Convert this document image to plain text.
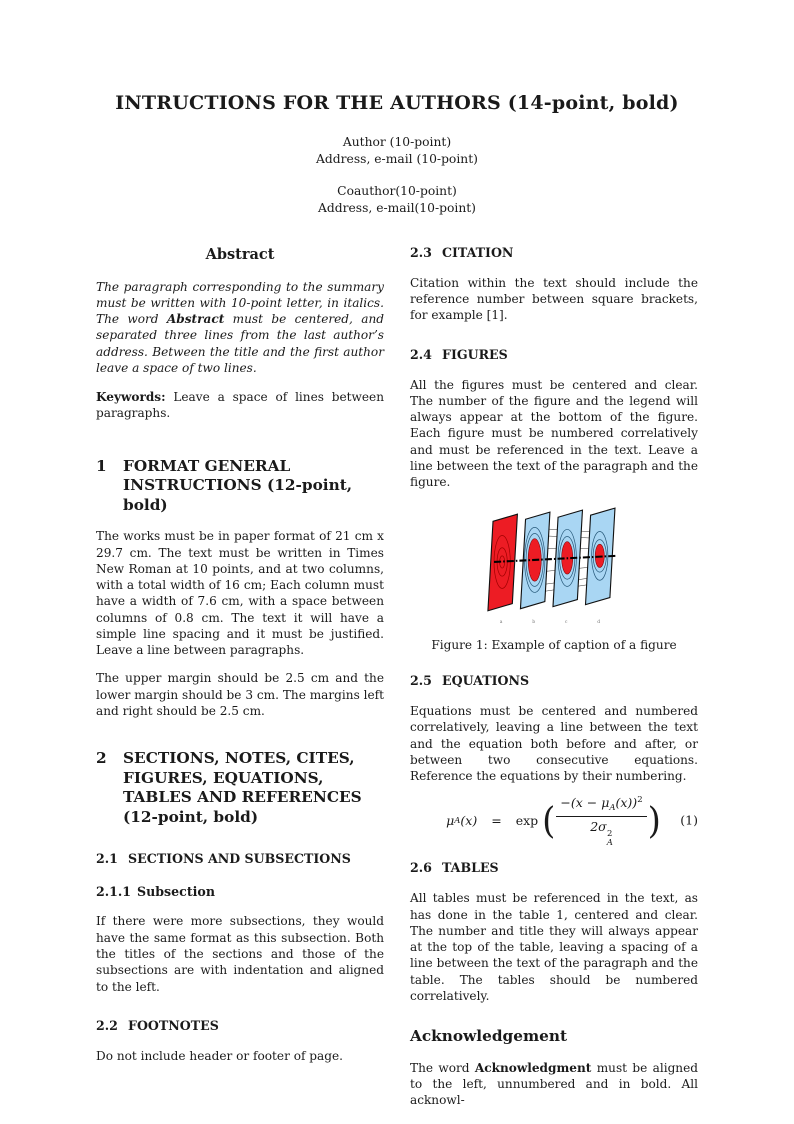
INTRUCTIONS FOR THE AUTHORS (14-point, bold)
Author (10-point)
Address, e-mail (10-point)
Coauthor(10-point)
Address, e-mail(10-point)
Abstract

The paragraph corresponding to the summary must be written with 10-point letter, in italics. The word Abstract must be centered, and separated three lines from the last author’s address. Between the title and the first author leave a space of two lines.

Keywords: Leave a space of lines between paragraphs.

1	FORMAT GENERAL INSTRUCTIONS (12-point, bold)

The works must be in paper format of 21 cm x 29.7 cm. The text must be written in Times New Roman at 10 points, and at two columns, with a total width of 16 cm; Each column must have a width of 7.6 cm, with a space between columns of 0.8 cm. The text it will have a simple line spacing and it must be justified. Leave a line between paragraphs.

The upper margin should be 2.5 cm and the lower margin should be 3 cm. The margins left and right should be 2.5 cm.

2	SECTIONS, NOTES, CITES, FIGURES, EQUATIONS, TABLES AND REFERENCES (12-point, bold)
2.1 SECTIONS AND SUBSECTIONS
2.1.1 Subsection

If there were more subsections, they would have the same format as this subsection. Both the titles of the sections and those of the subsections are with indentation and aligned to the left.

2.2 FOOTNOTES

Do not include header or footer of page.

2.3 CITATION

Citation within the text should include the reference number between square brackets, for example [1].

2.4 FIGURES

All the figures must be centered and clear. The number of the figure and the legend will always appear at the bottom of the figure. Each figure must be numbered correlatively and must be referenced in the text. Leave a line between the text of the paragraph and the figure.

a	b	c	d
Figure 1: Example of caption of a figure
2.5 EQUATIONS

Equations must be centered and numbered correlatively, leaving a line between the text and the equation both before and after, or between two consecutive equations. Reference the equations by their numbering.

μ A (x) = exp ( $-(x - \mu_A(x))^2$
2σ 2
A ) (1)
2.6 TABLES

All tables must be referenced in the text, as has done in the table 1, centered and clear. The number and title they will always appear at the top of the table, leaving a spacing of a line between the text of the paragraph and the table. The tables should be numbered correlatively.

Acknowledgement

The word Acknowledgment must be aligned to the left, unnumbered and in bold. All acknowl-
